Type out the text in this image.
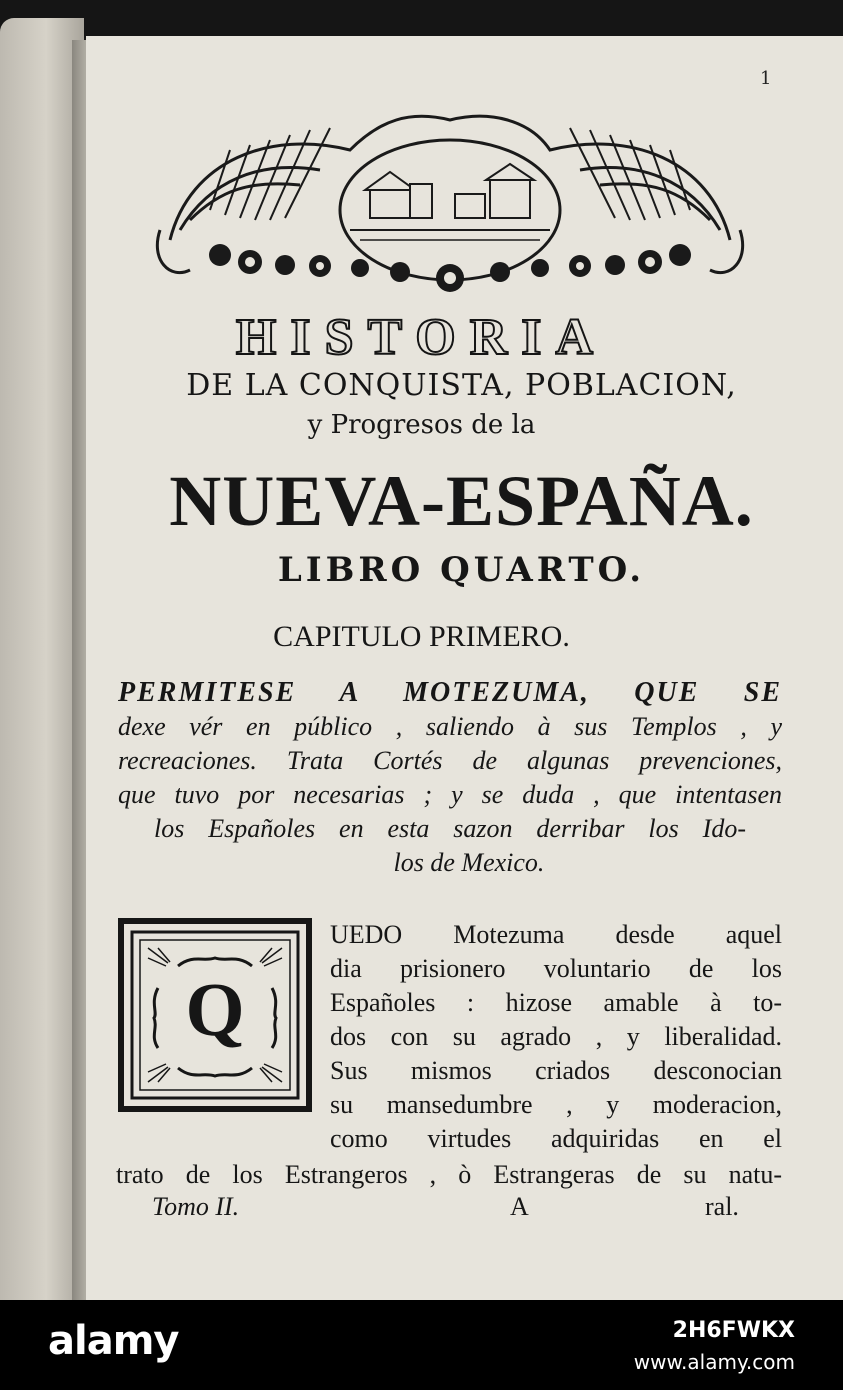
1
HISTORIA
DE LA CONQUISTA, POBLACION,
y Progresos de la
NUEVA-ESPAÑA.
LIBRO QUARTO.
CAPITULO PRIMERO.
PERMITESE A MOTEZUMA, QUE SE
dexe vér en público , saliendo à sus Templos , y
recreaciones. Trata Cortés de algunas prevenciones,
que tuvo por necesarias ; y se duda , que intentasen
los Españoles en esta sazon derribar los Ido-
los de Mexico.
Q
UEDO Motezuma desde aquel
dia prisionero voluntario de los
Españoles : hizose amable à to-
dos con su agrado , y liberalidad.
Sus mismos criados desconocian
su mansedumbre , y moderacion,
como virtudes adquiridas en el
trato de los Estrangeros , ò Estrangeras de su natu-
Tomo II.	A	ral.
alamy	2H6FWKX
www.alamy.com
